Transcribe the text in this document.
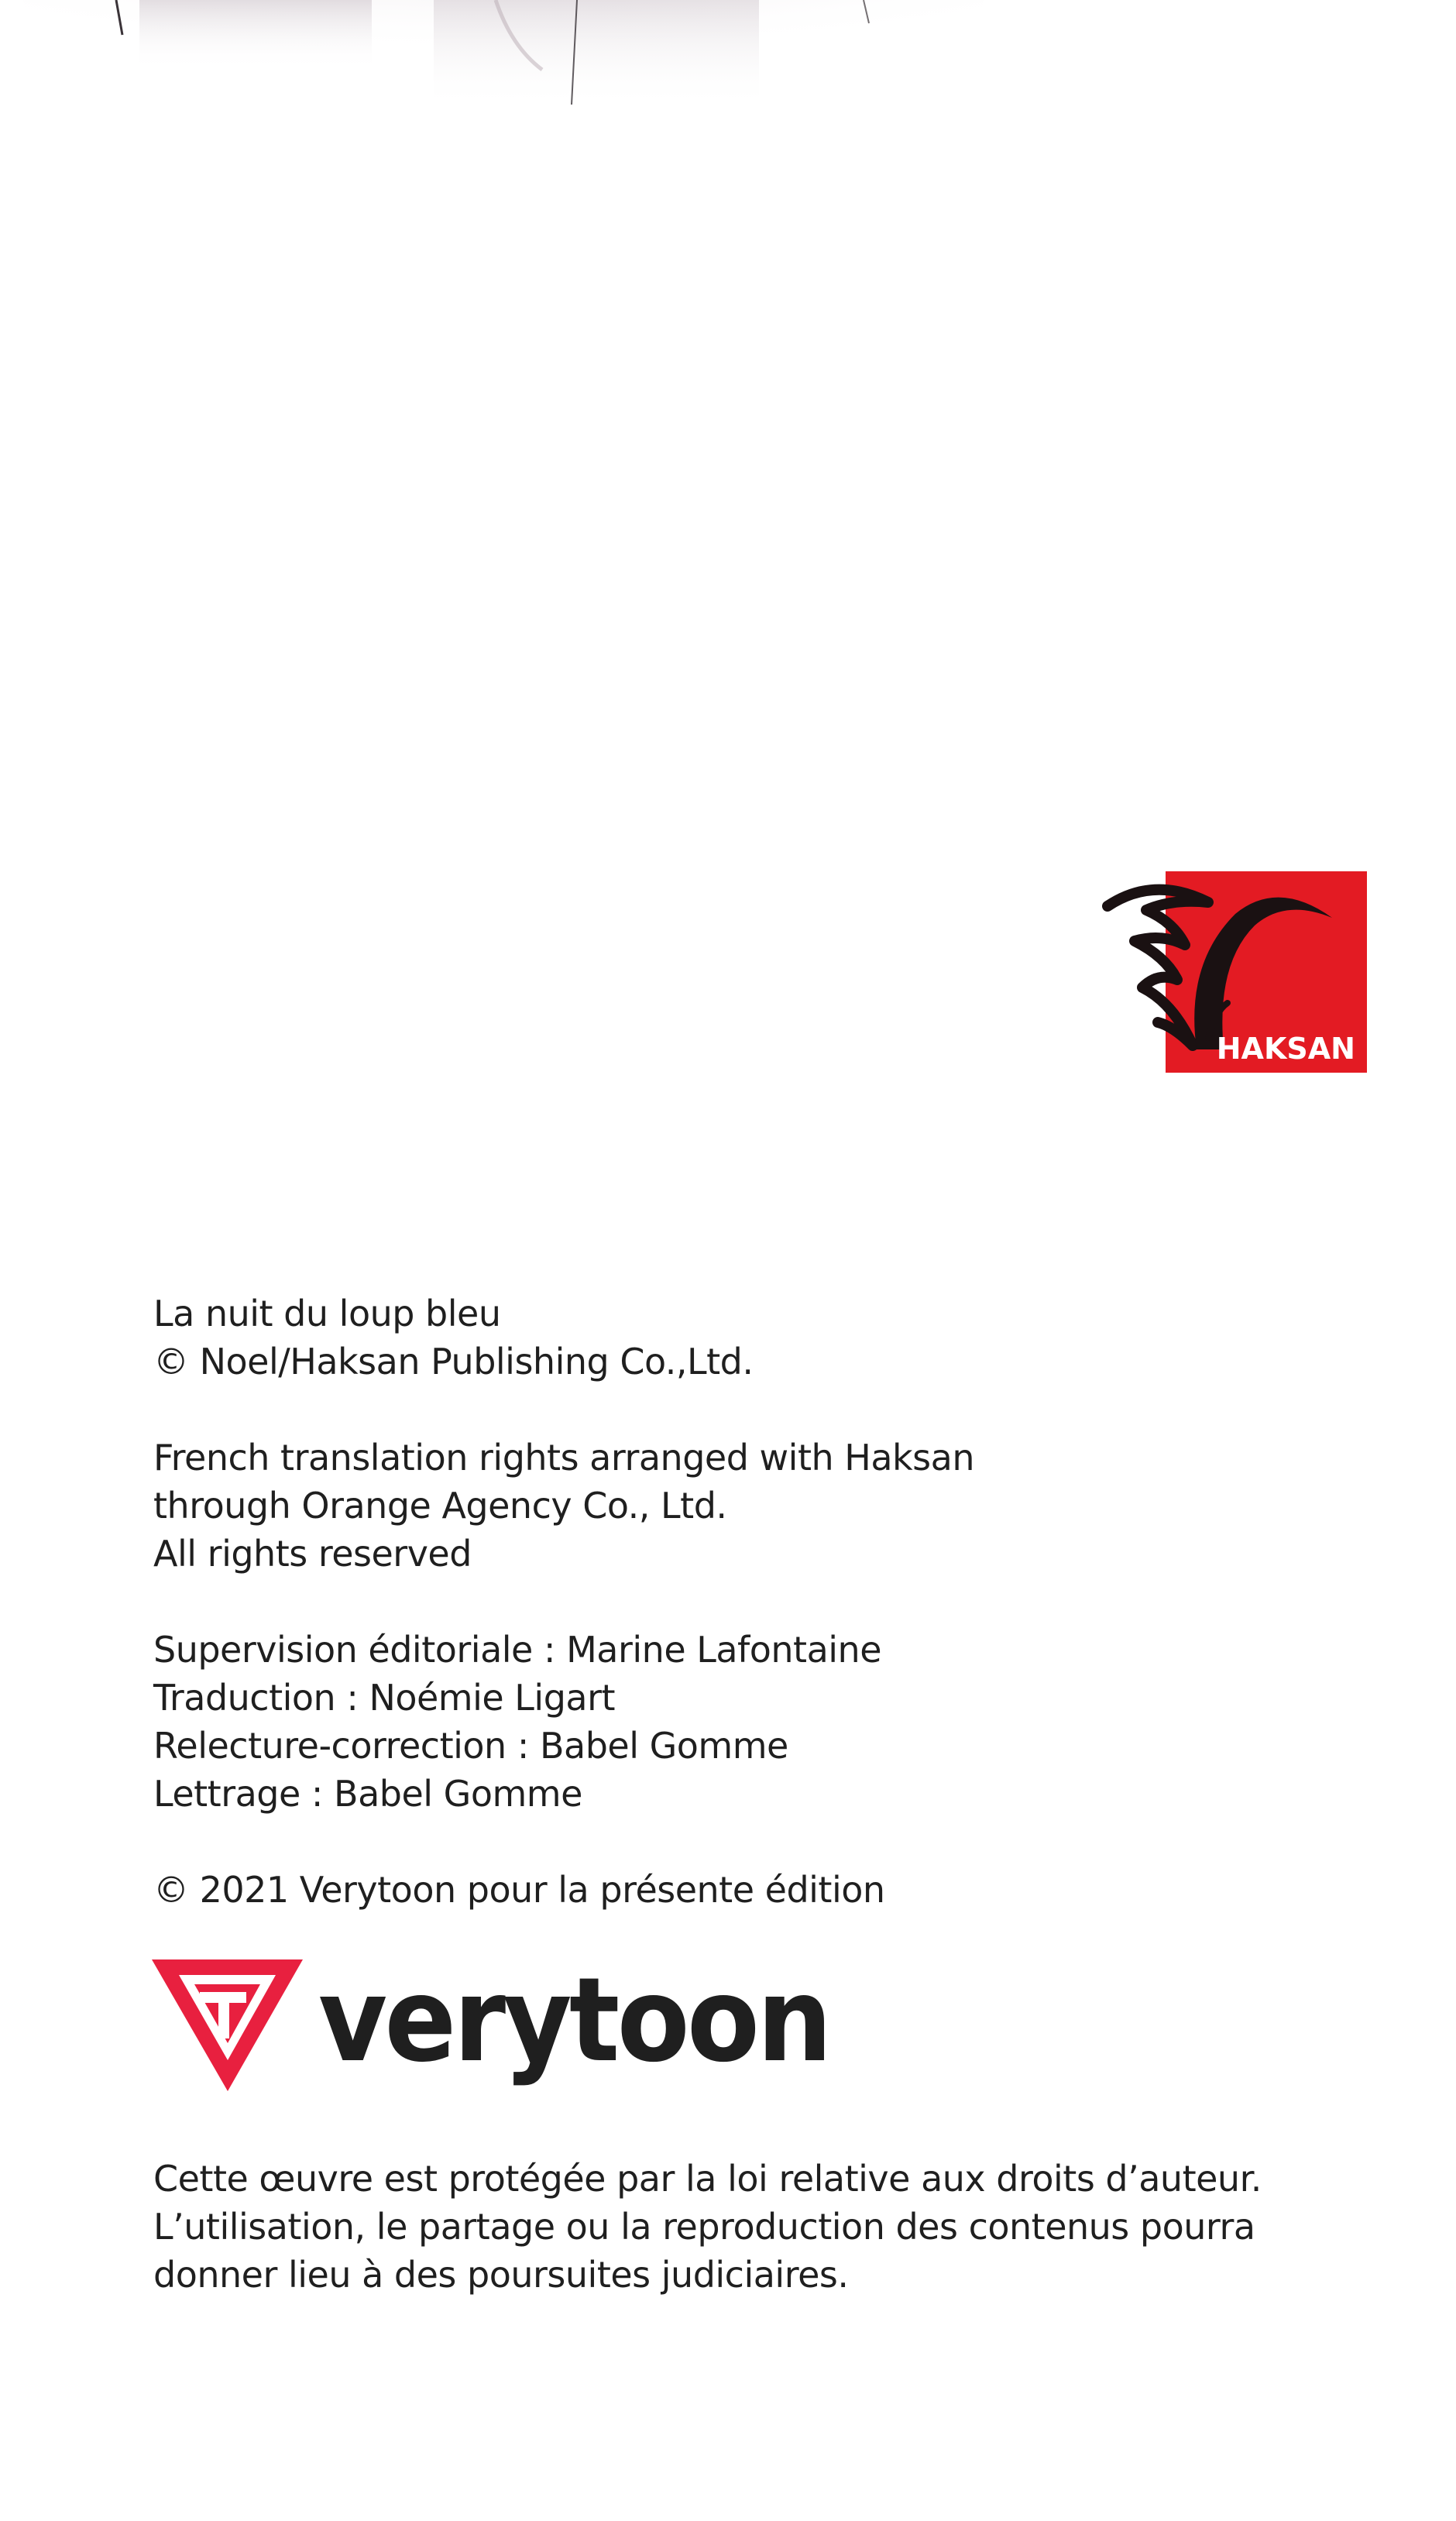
HAKSAN

La nuit du loup bleu

© Noel/Haksan Publishing Co.,Ltd.

French translation rights arranged with Haksan

through Orange Agency Co., Ltd.

All rights reserved

Supervision éditoriale : Marine Lafontaine

Traduction : Noémie Ligart

Relecture-correction : Babel Gomme

Lettrage : Babel Gomme

© 2021 Verytoon pour la présente édition

verytoon

Cette œuvre est protégée par la loi relative aux droits d’auteur.

L’utilisation, le partage ou la reproduction des contenus pourra

donner lieu à des poursuites judiciaires.
